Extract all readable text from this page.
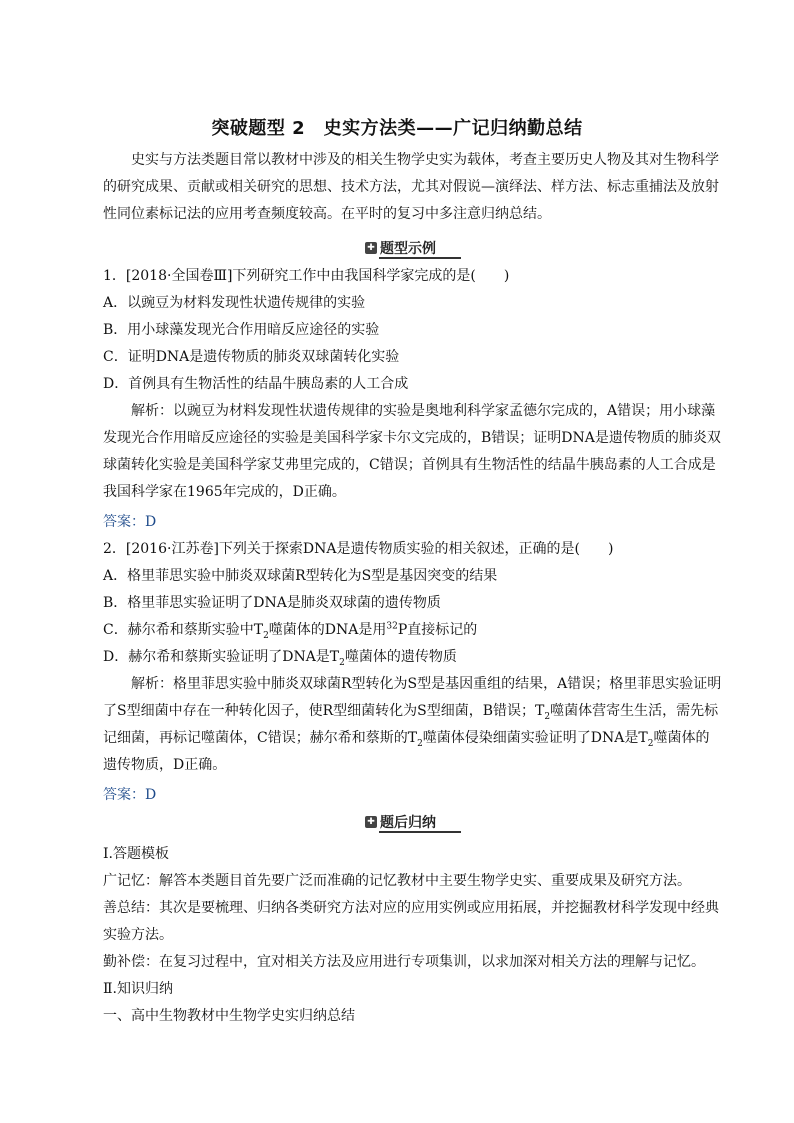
突破题型 2　史实方法类——广记归纳勤总结
史实与方法类题目常以教材中涉及的相关生物学史实为载体，考查主要历史人物及其对生物科学的研究成果、贡献或相关研究的思想、技术方法，尤其对假说—演绎法、样方法、标志重捕法及放射性同位素标记法的应用考查频度较高。在平时的复习中多注意归纳总结。
✚ 题型示例
1．[2018·全国卷Ⅲ]下列研究工作中由我国科学家完成的是(　　)
A．以豌豆为材料发现性状遗传规律的实验
B．用小球藻发现光合作用暗反应途径的实验
C．证明DNA是遗传物质的肺炎双球菌转化实验
D．首例具有生物活性的结晶牛胰岛素的人工合成
解析：以豌豆为材料发现性状遗传规律的实验是奥地利科学家孟德尔完成的，A错误；用小球藻发现光合作用暗反应途径的实验是美国科学家卡尔文完成的，B错误；证明DNA是遗传物质的肺炎双球菌转化实验是美国科学家艾弗里完成的，C错误；首例具有生物活性的结晶牛胰岛素的人工合成是我国科学家在1965年完成的，D正确。
答案：D
2．[2016·江苏卷]下列关于探索DNA是遗传物质实验的相关叙述，正确的是(　　)
A．格里菲思实验中肺炎双球菌R型转化为S型是基因突变的结果
B．格里菲思实验证明了DNA是肺炎双球菌的遗传物质
C．赫尔希和蔡斯实验中$T_2$噬菌体的DNA是用$^{32}$P直接标记的
D．赫尔希和蔡斯实验证明了DNA是$T_2$噬菌体的遗传物质
解析：格里菲思实验中肺炎双球菌R型转化为S型是基因重组的结果，A错误；格里菲思实验证明了S型细菌中存在一种转化因子，使R型细菌转化为S型细菌，B错误；$T_2$噬菌体营寄生生活，需先标记细菌，再标记噬菌体，C错误；赫尔希和蔡斯的$T_2$噬菌体侵染细菌实验证明了DNA是$T_2$噬菌体的遗传物质，D正确。
答案：D
✚ 题后归纳
Ⅰ.答题模板
广记忆：解答本类题目首先要广泛而准确的记忆教材中主要生物学史实、重要成果及研究方法。
善总结：其次是要梳理、归纳各类研究方法对应的应用实例或应用拓展，并挖掘教材科学发现中经典实验方法。
勤补偿：在复习过程中，宜对相关方法及应用进行专项集训，以求加深对相关方法的理解与记忆。
Ⅱ.知识归纳
一、高中生物教材中生物学史实归纳总结
